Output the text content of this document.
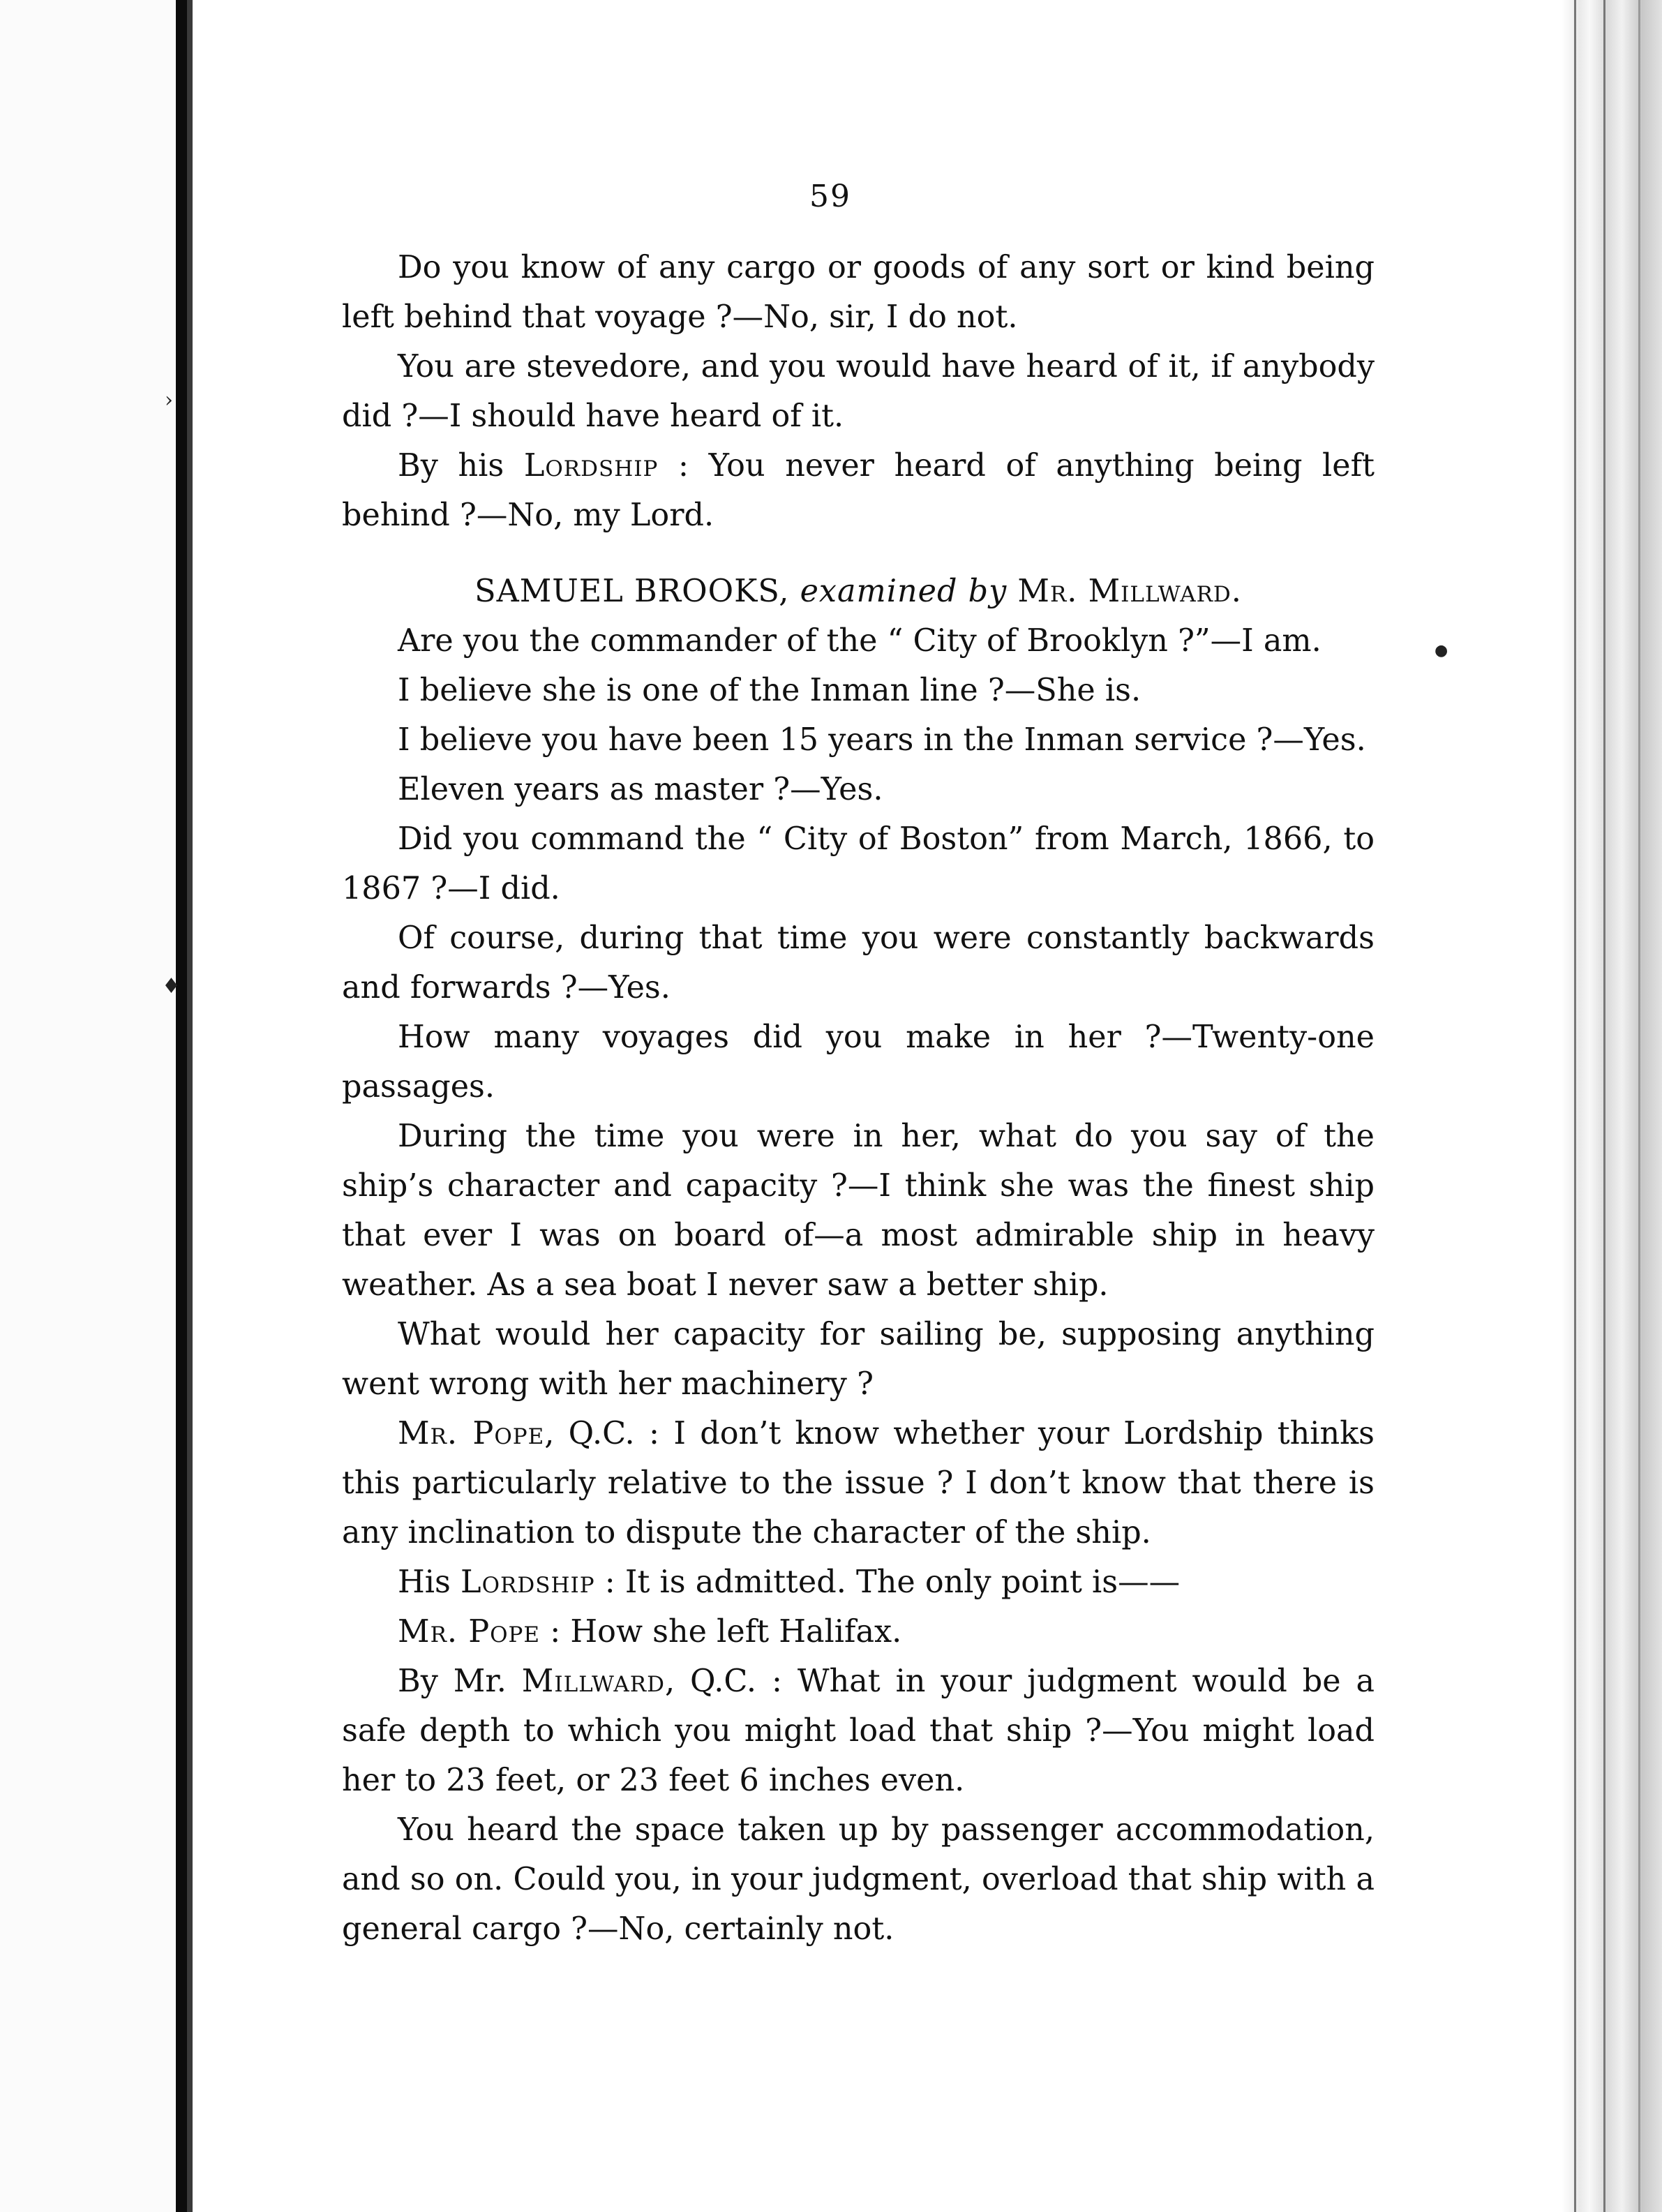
59

Do you know of any cargo or goods of any sort or kind being left behind that voyage ?—No, sir, I do not.

You are stevedore, and you would have heard of it, if anybody did ?—I should have heard of it.

By his Lordship : You never heard of anything being left behind ?—No, my Lord.

SAMUEL BROOKS, examined by Mr. Millward.

Are you the commander of the “ City of Brooklyn ?”—I am.

I believe she is one of the Inman line ?—She is.

I believe you have been 15 years in the Inman service ?—Yes.

Eleven years as master ?—Yes.

Did you command the “ City of Boston” from March, 1866, to 1867 ?—I did.

Of course, during that time you were constantly backwards and forwards ?—Yes.

How many voyages did you make in her ?—Twenty-one passages.

During the time you were in her, what do you say of the ship’s character and capacity ?—I think she was the finest ship that ever I was on board of—a most admirable ship in heavy weather. As a sea boat I never saw a better ship.

What would her capacity for sailing be, supposing anything went wrong with her machinery ?

Mr. Pope, Q.C. : I don’t know whether your Lordship thinks this particularly relative to the issue ? I don’t know that there is any inclination to dispute the character of the ship.

His Lordship : It is admitted. The only point is——

Mr. Pope : How she left Halifax.

By Mr. Millward, Q.C. : What in your judgment would be a safe depth to which you might load that ship ?—You might load her to 23 feet, or 23 feet 6 inches even.

You heard the space taken up by passenger accommodation, and so on. Could you, in your judgment, overload that ship with a general cargo ?—No, certainly not.

›
♦
●
